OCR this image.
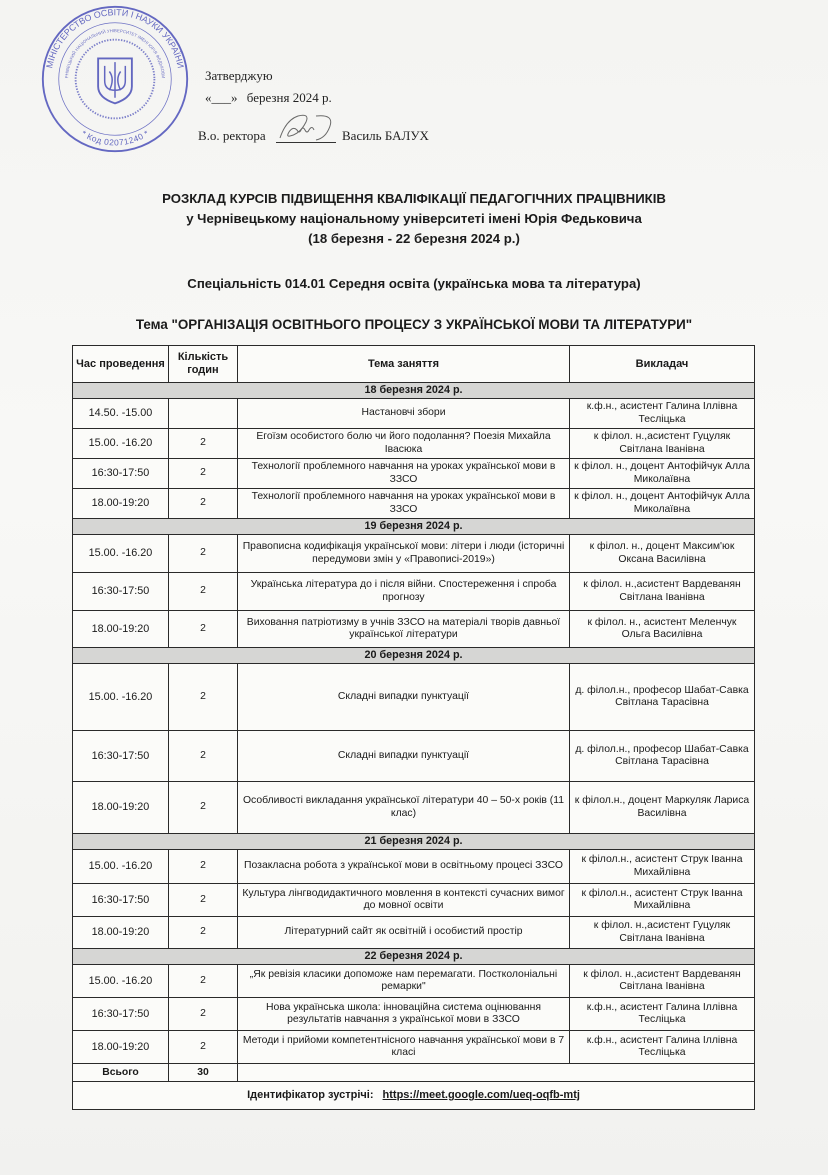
МІНІСТЕРСТВО ОСВІТИ І НАУКИ УКРАЇНИ
* Код 02071240 *
РНІВЕЦЬКИЙ НАЦІОНАЛЬНИЙ УНІВЕРСИТЕТ ІМЕНІ ЮРІЯ ФЕДЬКОВИ	Затверджую
«___» березня 2024 р.
В.о. ректора	Василь БАЛУХ
РОЗКЛАД КУРСІВ ПІДВИЩЕННЯ КВАЛІФІКАЦІЇ ПЕДАГОГІЧНИХ ПРАЦІВНИКІВ
у Чернівецькому національному університеті імені Юрія Федьковича
(18 березня - 22 березня 2024 р.)
Спеціальність 014.01 Середня освіта (українська мова та література)
Тема "ОРГАНІЗАЦІЯ ОСВІТНЬОГО ПРОЦЕСУ З УКРАЇНСЬКОЇ МОВИ ТА ЛІТЕРАТУРИ"
Час проведення	Кількість годин	Тема заняття	Викладач
18 березня 2024 р.			
14.50. -15.00		Настановчі збори	к.ф.н., асистент Галина Іллівна Тесліцька
15.00. -16.20	2	Егоїзм особистого болю чи його подолання? Поезія Михайла Івасюка	к філол. н.,асистент Гуцуляк Світлана Іванівна
16:30-17:50	2	Технології проблемного навчання на уроках української мови в ЗЗСО	к філол. н., доцент Антофійчук Алла Миколаївна
18.00-19:20	2	Технології проблемного навчання на уроках української мови в ЗЗСО	к філол. н., доцент Антофійчук Алла Миколаївна
19 березня 2024 р.			
15.00. -16.20	2	Правописна кодифікація української мови: літери і люди (історичні передумови змін у «Правописі-2019»)	к філол. н., доцент Максим'юк Оксана Василівна
16:30-17:50	2	Українська література до і після війни. Спостереження і спроба прогнозу	к філол. н.,асистент Вардеванян Світлана Іванівна
18.00-19:20	2	Виховання патріотизму в учнів ЗЗСО на матеріалі творів давньої української літератури	к філол. н., асистент Меленчук Ольга Василівна
20 березня 2024 р.			
15.00. -16.20	2	Складні випадки пунктуації	д. філол.н., професор Шабат-Савка Світлана Тарасівна
16:30-17:50	2	Складні випадки пунктуації	д. філол.н., професор Шабат-Савка Світлана Тарасівна
18.00-19:20	2	Особливості викладання української літератури 40 – 50-х років (11 клас)	к філол.н., доцент Маркуляк Лариса Василівна
21 березня 2024 р.			
15.00. -16.20	2	Позакласна робота з української мови в освітньому процесі ЗЗСО	к філол.н., асистент Струк Іванна Михайлівна
16:30-17:50	2	Культура лінгводидактичного мовлення в контексті сучасних вимог до мовної освіти	к філол.н., асистент Струк Іванна Михайлівна
18.00-19:20	2	Літературний сайт як освітній і особистий простір	к філол. н.,асистент Гуцуляк Світлана Іванівна
22 березня 2024 р.			
15.00. -16.20	2	„Як ревізія класики допоможе нам перемагати. Постколоніальні ремарки"	к філол. н.,асистент Вардеванян Світлана Іванівна
16:30-17:50	2	Нова українська школа: інноваційна система оцінювання результатів навчання з української мови в ЗЗСО	к.ф.н., асистент Галина Іллівна Тесліцька
18.00-19:20	2	Методи і прийоми компетентнісного навчання української мови в 7 класі	к.ф.н., асистент Галина Іллівна Тесліцька
Всього	30		
Ідентифікатор зустрічі: https://meet.google.com/ueq-oqfb-mtj			
